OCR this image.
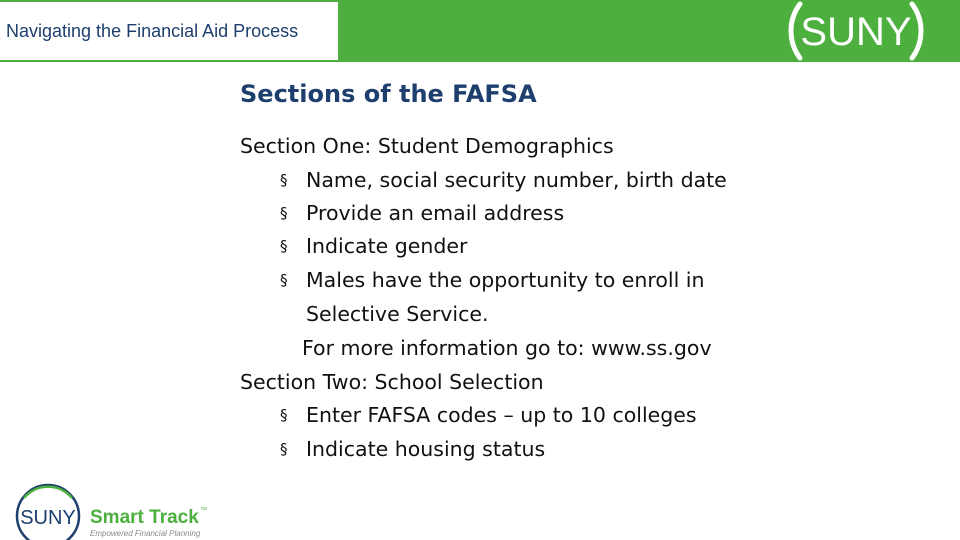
Navigating the Financial Aid Process	SUNY
Sections of the FAFSA
Section One: Student Demographics
§ Name, social security number, birth date
§ Provide an email address
§ Indicate gender
§ Males have the opportunity to enroll in
Selective Service.
For more information go to: www.ss.gov
Section Two: School Selection
§ Enter FAFSA codes – up to 10 colleges
§ Indicate housing status
SUNY Smart Track ™
Empowered Financial Planning
